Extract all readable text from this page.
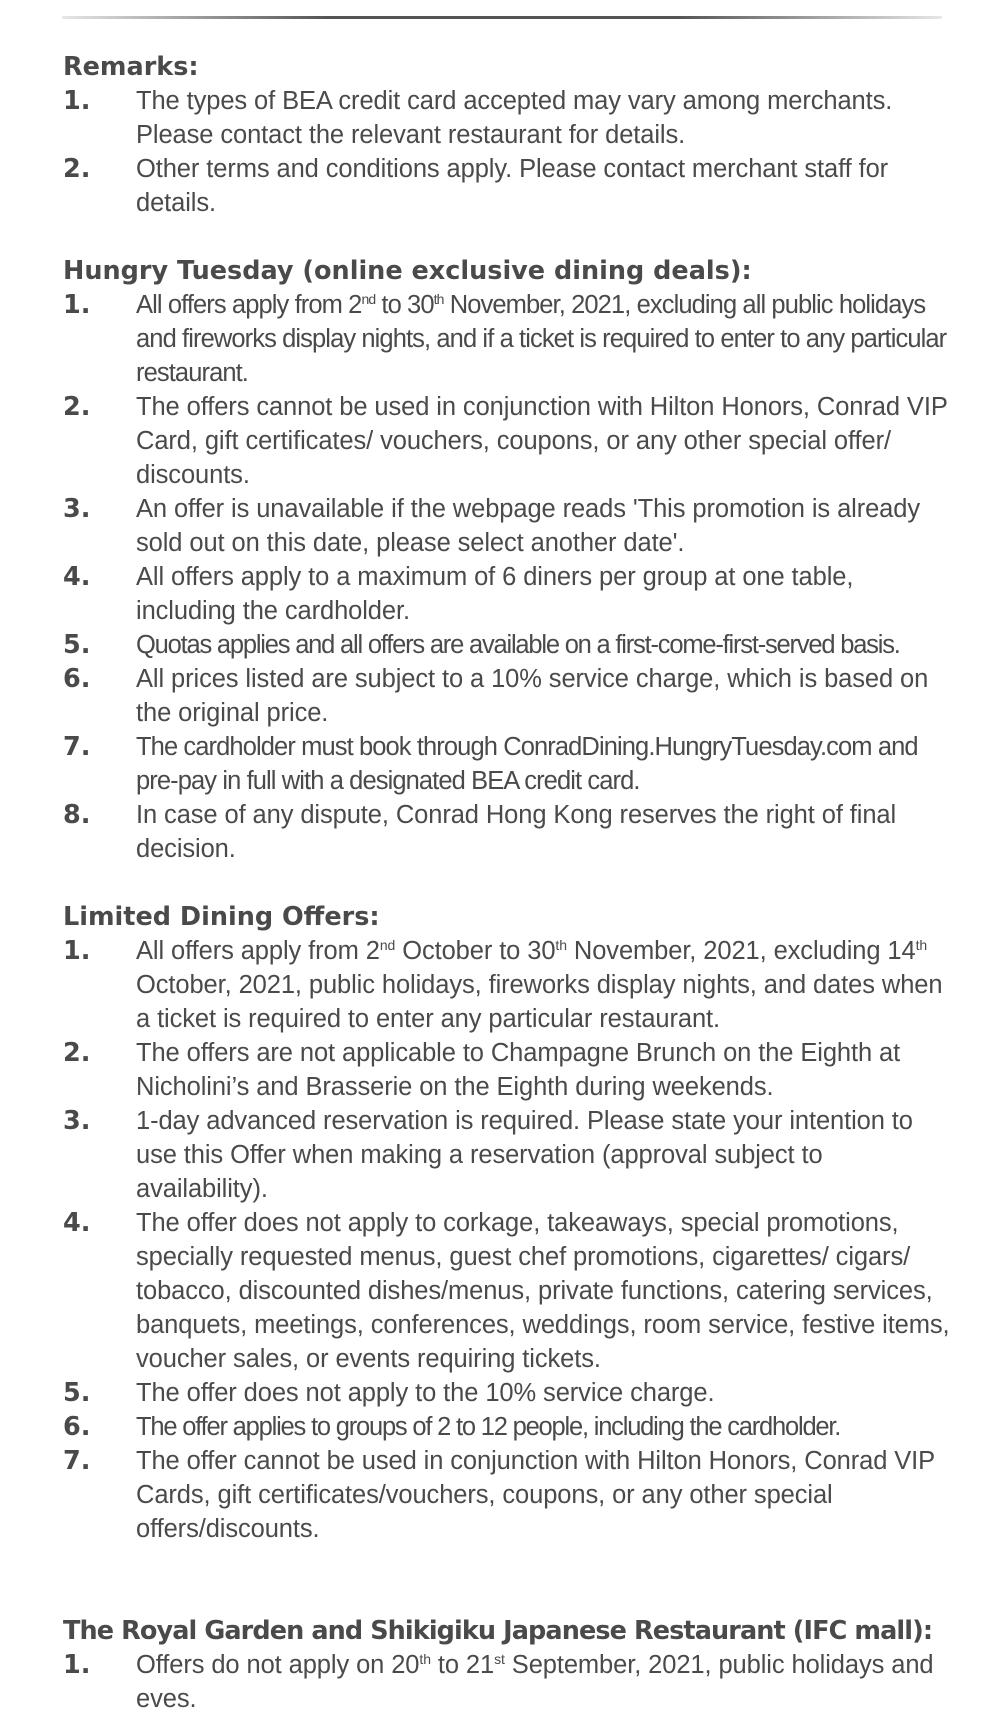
Remarks:
1.	The types of BEA credit card accepted may vary among merchants. Please contact the relevant restaurant for details.
2.	Other terms and conditions apply. Please contact merchant staff for details.
Hungry Tuesday (online exclusive dining deals):
1.	All offers apply from 2nd to 30th November, 2021, excluding all public holidays and fireworks display nights, and if a ticket is required to enter to any particular restaurant.
2.	The offers cannot be used in conjunction with Hilton Honors, Conrad VIP Card, gift certificates/ vouchers, coupons, or any other special offer/ discounts.
3.	An offer is unavailable if the webpage reads 'This promotion is already sold out on this date, please select another date'.
4.	All offers apply to a maximum of 6 diners per group at one table, including the cardholder.
5.	Quotas applies and all offers are available on a first-come-first-served basis.
6.	All prices listed are subject to a 10% service charge, which is based on the original price.
7.	The cardholder must book through ConradDining.HungryTuesday.com and pre-pay in full with a designated BEA credit card.
8.	In case of any dispute, Conrad Hong Kong reserves the right of final decision.
Limited Dining Offers:
1.	All offers apply from 2nd October to 30th November, 2021, excluding 14th October, 2021, public holidays, fireworks display nights, and dates when a ticket is required to enter any particular restaurant.
2.	The offers are not applicable to Champagne Brunch on the Eighth at Nicholini’s and Brasserie on the Eighth during weekends.
3.	1-day advanced reservation is required. Please state your intention to use this Offer when making a reservation (approval subject to availability).
4.	The offer does not apply to corkage, takeaways, special promotions, specially requested menus, guest chef promotions, cigarettes/ cigars/ tobacco, discounted dishes/menus, private functions, catering services, banquets, meetings, conferences, weddings, room service, festive items, voucher sales, or events requiring tickets.
5.	The offer does not apply to the 10% service charge.
6.	The offer applies to groups of 2 to 12 people, including the cardholder.
7.	The offer cannot be used in conjunction with Hilton Honors, Conrad VIP Cards, gift certificates/vouchers, coupons, or any other special offers/discounts.
The Royal Garden and Shikigiku Japanese Restaurant (IFC mall):
1.	Offers do not apply on 20th to 21st September, 2021, public holidays and eves.
